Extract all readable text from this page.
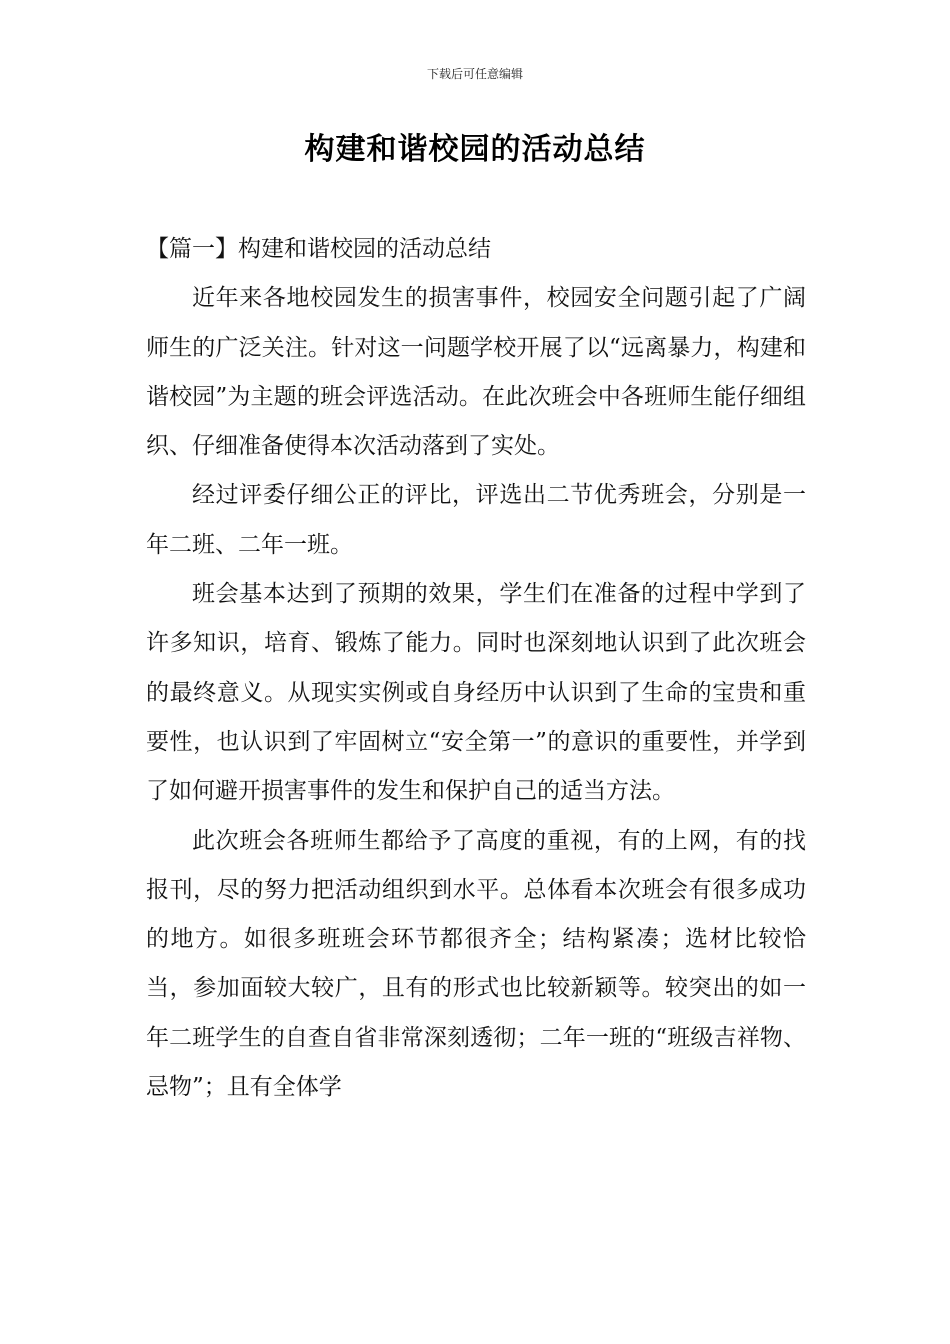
下载后可任意编辑
构建和谐校园的活动总结

【篇一】构建和谐校园的活动总结

近年来各地校园发生的损害事件，校园安全问题引起了广阔师生的广泛关注。针对这一问题学校开展了以“远离暴力，构建和谐校园”为主题的班会评选活动。在此次班会中各班师生能仔细组织、仔细准备使得本次活动落到了实处。

经过评委仔细公正的评比，评选出二节优秀班会，分别是一年二班、二年一班。

班会基本达到了预期的效果，学生们在准备的过程中学到了许多知识，培育、锻炼了能力。同时也深刻地认识到了此次班会的最终意义。从现实实例或自身经历中认识到了生命的宝贵和重要性，也认识到了牢固树立“安全第一”的意识的重要性，并学到了如何避开损害事件的发生和保护自己的适当方法。

此次班会各班师生都给予了高度的重视，有的上网，有的找报刊，尽的努力把活动组织到水平。总体看本次班会有很多成功的地方。如很多班班会环节都很齐全；结构紧凑；选材比较恰当，参加面较大较广，且有的形式也比较新颖等。较突出的如一年二班学生的自查自省非常深刻透彻；二年一班的“班级吉祥物、忌物”；且有全体学
